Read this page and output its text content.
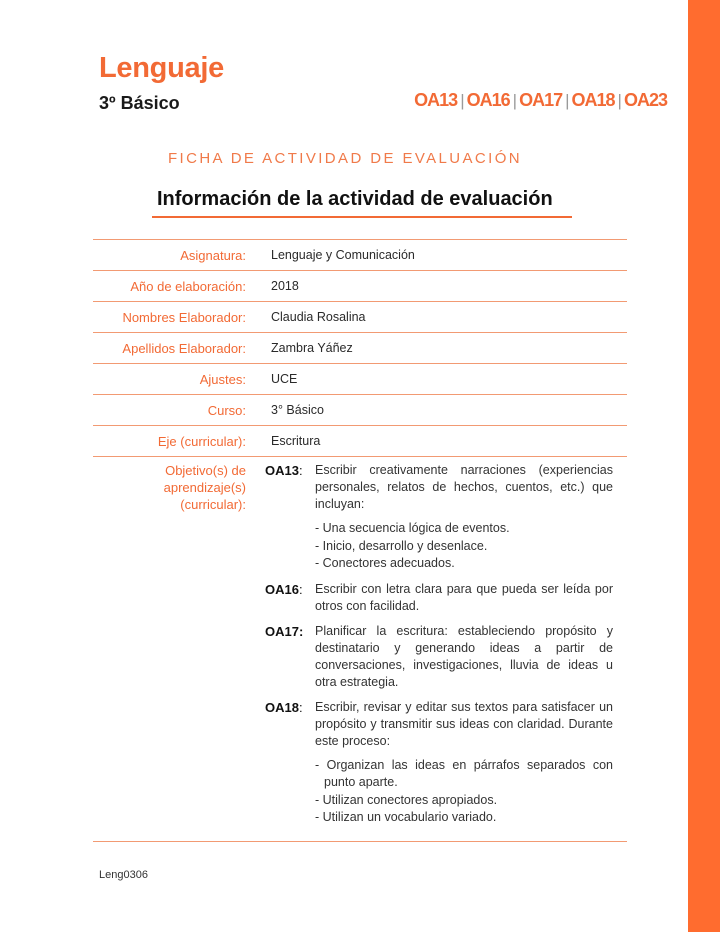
Lenguaje
3º Básico	OA13 | OA16 | OA17 | OA18 | OA23
FICHA DE ACTIVIDAD DE EVALUACIÓN
Información de la actividad de evaluación
Asignatura: Lenguaje y Comunicación
Año de elaboración: 2018
Nombres Elaborador: Claudia Rosalina
Apellidos Elaborador: Zambra Yáñez
Ajustes: UCE
Curso: 3° Básico
Eje (curricular): Escritura
Objetivo(s) de
aprendizaje(s)
(curricular):
OA13: Escribir creativamente narraciones (experiencias personales, relatos de hechos, cuentos, etc.) que incluyan:
- Una secuencia lógica de eventos.
- Inicio, desarrollo y desenlace.
- Conectores adecuados.
OA16: Escribir con letra clara para que pueda ser leída por otros con facilidad.
OA17: Planificar la escritura: estableciendo propósito y destinatario y generando ideas a partir de conversaciones, investigaciones, lluvia de ideas u otra estrategia.
OA18: Escribir, revisar y editar sus textos para satisfacer un propósito y transmitir sus ideas con claridad. Durante este proceso:
- Organizan las ideas en párrafos separados con punto aparte.
- Utilizan conectores apropiados.
- Utilizan un vocabulario variado.
Leng0306
